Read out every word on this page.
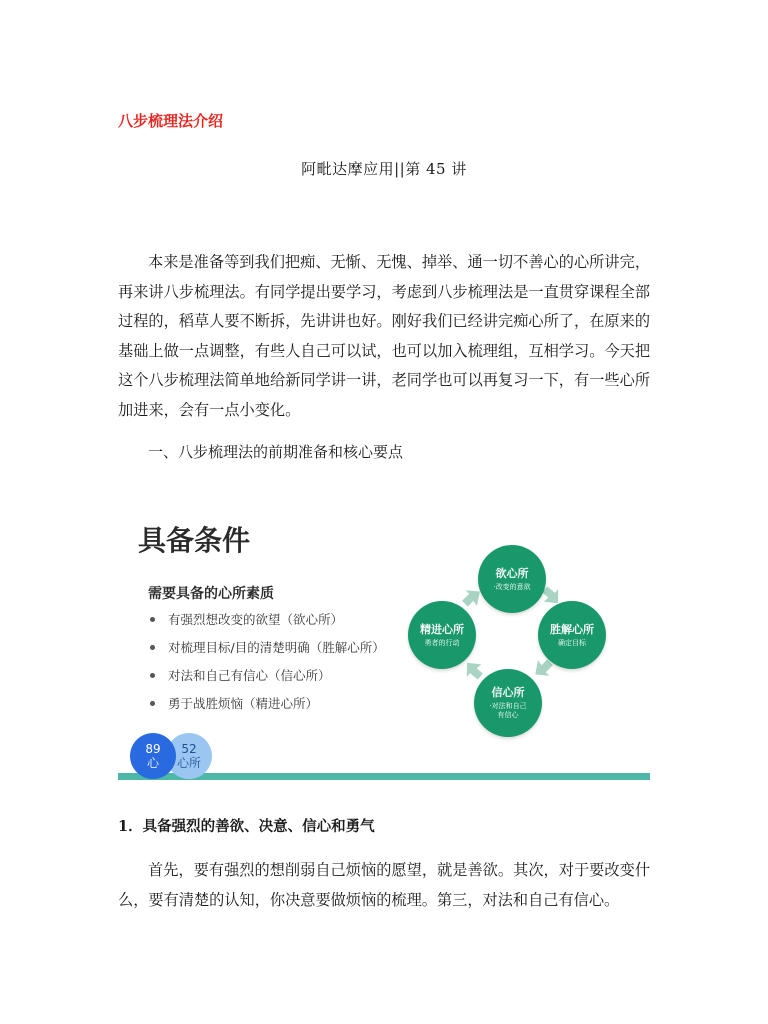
八步梳理法介绍
阿毗达摩应用||第 45 讲

本来是准备等到我们把痴、无惭、无愧、掉举、通一切不善心的心所讲完，再来讲八步梳理法。有同学提出要学习，考虑到八步梳理法是一直贯穿课程全部过程的，稻草人要不断拆，先讲讲也好。刚好我们已经讲完痴心所了，在原来的基础上做一点调整，有些人自己可以试，也可以加入梳理组，互相学习。今天把这个八步梳理法简单地给新同学讲一讲，老同学也可以再复习一下，有一些心所加进来，会有一点小变化。

一、八步梳理法的前期准备和核心要点
具备条件
需要具备的心所素质
有强烈想改变的欲望（欲心所）
对梳理目标/目的清楚明确（胜解心所）
对法和自己有信心（信心所）
勇于战胜烦恼（精进心所）
欲心所
·改变的意欲
胜解心所
确定目标
信心所
·对法和自己有信心
精进心所
勇者的行动
52
心所
89
心
1．具备强烈的善欲、决意、信心和勇气

首先，要有强烈的想削弱自己烦恼的愿望，就是善欲。其次，对于要改变什么，要有清楚的认知，你决意要做烦恼的梳理。第三，对法和自己有信心。
